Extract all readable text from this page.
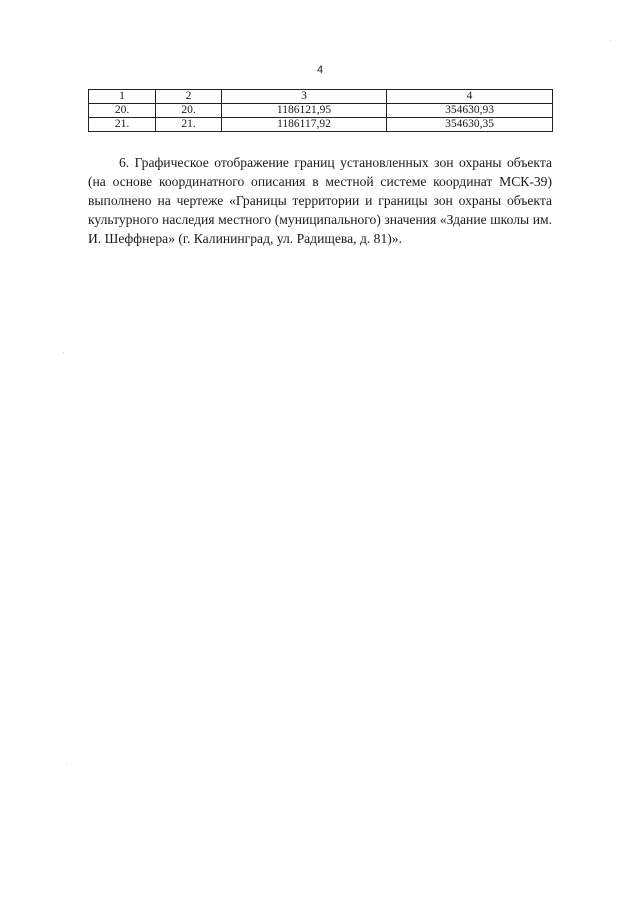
4
1	2	3	4
20.	20.	1186121,95	354630,93
21.	21.	1186117,92	354630,35

6. Графическое отображение границ установленных зон охраны объекта (на основе координатного описания в местной системе координат МСК-39) выполнено на чертеже «Границы территории и границы зон охраны объекта культурного наследия местного (муниципального) значения «Здание школы им. И. Шеффнера» (г. Калининград, ул. Радищева, д. 81)».
